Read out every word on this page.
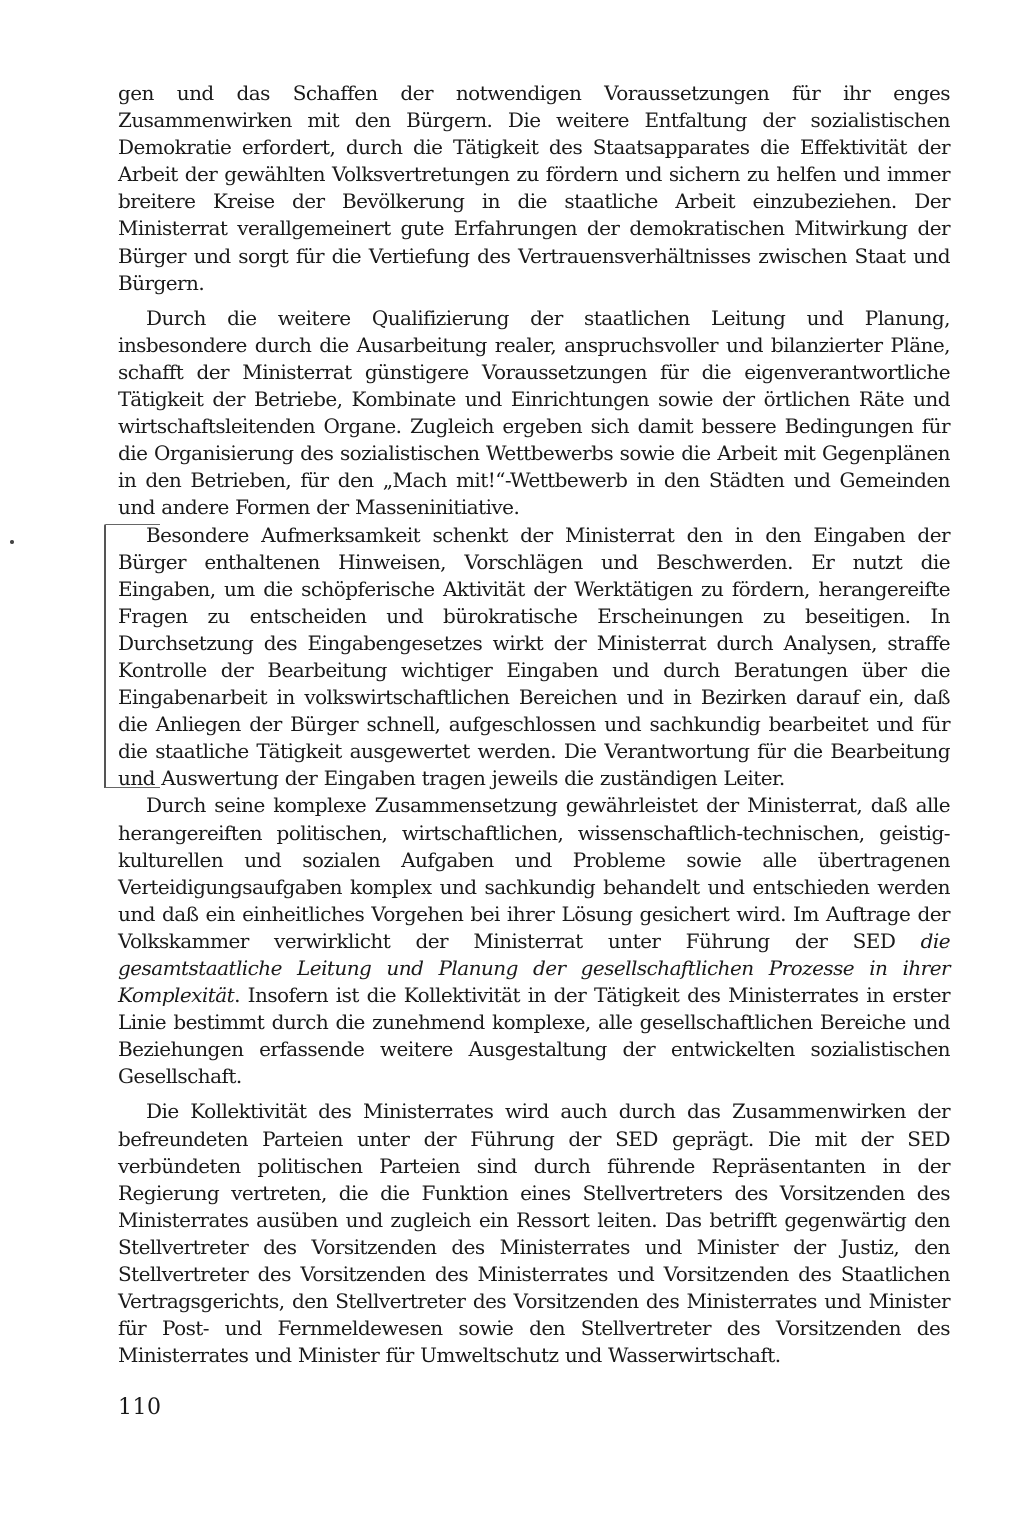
gen und das Schaffen der notwendigen Voraussetzungen für ihr enges Zusammenwirken mit den Bürgern. Die weitere Entfaltung der sozialistischen Demokratie erfordert, durch die Tätigkeit des Staatsapparates die Effektivität der Arbeit der gewählten Volksvertretungen zu fördern und sichern zu helfen und immer breitere Kreise der Bevölkerung in die staatliche Arbeit einzubeziehen. Der Ministerrat verallgemeinert gute Erfahrungen der demokratischen Mitwirkung der Bürger und sorgt für die Vertiefung des Vertrauensverhältnisses zwischen Staat und Bürgern.

Durch die weitere Qualifizierung der staatlichen Leitung und Planung, insbesondere durch die Ausarbeitung realer, anspruchsvoller und bilanzierter Pläne, schafft der Ministerrat günstigere Voraussetzungen für die eigenverantwortliche Tätigkeit der Betriebe, Kombinate und Einrichtungen sowie der örtlichen Räte und wirtschaftsleitenden Organe. Zugleich ergeben sich damit bessere Bedingungen für die Organisierung des sozialistischen Wettbewerbs sowie die Arbeit mit Gegenplänen in den Betrieben, für den „Mach mit!“-Wettbewerb in den Städten und Gemeinden und andere Formen der Masseninitiative.

Besondere Aufmerksamkeit schenkt der Ministerrat den in den Eingaben der Bürger enthaltenen Hinweisen, Vorschlägen und Beschwerden. Er nutzt die Eingaben, um die schöpferische Aktivität der Werktätigen zu fördern, herangereifte Fragen zu entscheiden und bürokratische Erscheinungen zu beseitigen. In Durchsetzung des Eingabengesetzes wirkt der Ministerrat durch Analysen, straffe Kontrolle der Bearbeitung wichtiger Eingaben und durch Beratungen über die Eingabenarbeit in volkswirtschaftlichen Bereichen und in Bezirken darauf ein, daß die Anliegen der Bürger schnell, aufgeschlossen und sachkundig bearbeitet und für die staatliche Tätigkeit ausgewertet werden. Die Verantwortung für die Bearbeitung und Auswertung der Eingaben tragen jeweils die zuständigen Leiter.

Durch seine komplexe Zusammensetzung gewährleistet der Ministerrat, daß alle herangereiften politischen, wirtschaftlichen, wissenschaftlich-technischen, geistig-kulturellen und sozialen Aufgaben und Probleme sowie alle übertragenen Verteidigungsaufgaben komplex und sachkundig behandelt und entschieden werden und daß ein einheitliches Vorgehen bei ihrer Lösung gesichert wird. Im Auftrage der Volkskammer verwirklicht der Ministerrat unter Führung der SED die gesamtstaatliche Leitung und Planung der gesellschaftlichen Prozesse in ihrer Komplexität. Insofern ist die Kollektivität in der Tätigkeit des Ministerrates in erster Linie bestimmt durch die zunehmend komplexe, alle gesellschaftlichen Bereiche und Beziehungen erfassende weitere Ausgestaltung der entwickelten sozialistischen Gesellschaft.

Die Kollektivität des Ministerrates wird auch durch das Zusammenwirken der befreundeten Parteien unter der Führung der SED geprägt. Die mit der SED verbündeten politischen Parteien sind durch führende Repräsentanten in der Regierung vertreten, die die Funktion eines Stellvertreters des Vorsitzenden des Ministerrates ausüben und zugleich ein Ressort leiten. Das betrifft gegenwärtig den Stellvertreter des Vorsitzenden des Ministerrates und Minister der Justiz, den Stellvertreter des Vorsitzenden des Ministerrates und Vorsitzenden des Staatlichen Vertragsgerichts, den Stellvertreter des Vorsitzenden des Ministerrates und Minister für Post- und Fernmeldewesen sowie den Stellvertreter des Vorsitzenden des Ministerrates und Minister für Umweltschutz und Wasserwirtschaft.

110
